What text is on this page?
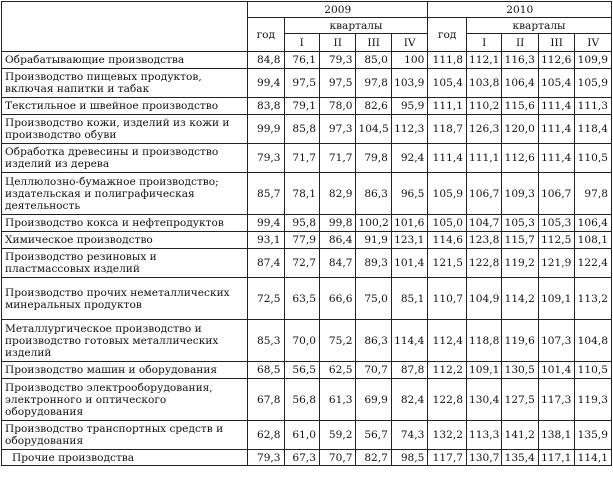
	2009					2010				
	год	кварталы				год	кварталы			
		I	II	III	IV		I	II	III	IV
Обрабатывающие производства	84,8	76,1	79,3	85,0	100	111,8	112,1	116,3	112,6	109,9
Производство пищевых продуктов, включая напитки и табак	99,4	97,5	97,5	97,8	103,9	105,4	103,8	106,4	105,4	105,9
Текстильное и швейное производство	83,8	79,1	78,0	82,6	95,9	111,1	110,2	115,6	111,4	111,3
Производство кожи, изделий из кожи и производство обуви	99,9	85,8	97,3	104,5	112,3	118,7	126,3	120,0	111,4	118,4
Обработка древесины и производство изделий из дерева	79,3	71,7	71,7	79,8	92,4	111,4	111,1	112,6	111,4	110,5
Целлюлозно-бумажное производство; издательская и полиграфическая деятельность	85,7	78,1	82,9	86,3	96,5	105,9	106,7	109,3	106,7	97,8
Производство кокса и нефтепродуктов	99,4	95,8	99,8	100,2	101,6	105,0	104,7	105,3	105,3	106,4
Химическое производство	93,1	77,9	86,4	91,9	123,1	114,6	123,8	115,7	112,5	108,1
Производство резиновых и пластмассовых изделий	87,4	72,7	84,7	89,3	101,4	121,5	122,8	119,2	121,9	122,4
Производство прочих неметаллических минеральных продуктов	72,5	63,5	66,6	75,0	85,1	110,7	104,9	114,2	109,1	113,2
Металлургическое производство и производство готовых металлических изделий	85,3	70,0	75,2	86,3	114,4	112,4	118,8	119,6	107,3	104,8
Производство машин и оборудования	68,5	56,5	62,5	70,7	87,8	112,2	109,1	130,5	101,4	110,5
Производство электрооборудования, электронного и оптического оборудования	67,8	56,8	61,3	69,9	82,4	122,8	130,4	127,5	117,3	119,3
Производство транспортных средств и оборудования	62,8	61,0	59,2	56,7	74,3	132,2	113,3	141,2	138,1	135,9
Прочие производства	79,3	67,3	70,7	82,7	98,5	117,7	130,7	135,4	117,1	114,1
